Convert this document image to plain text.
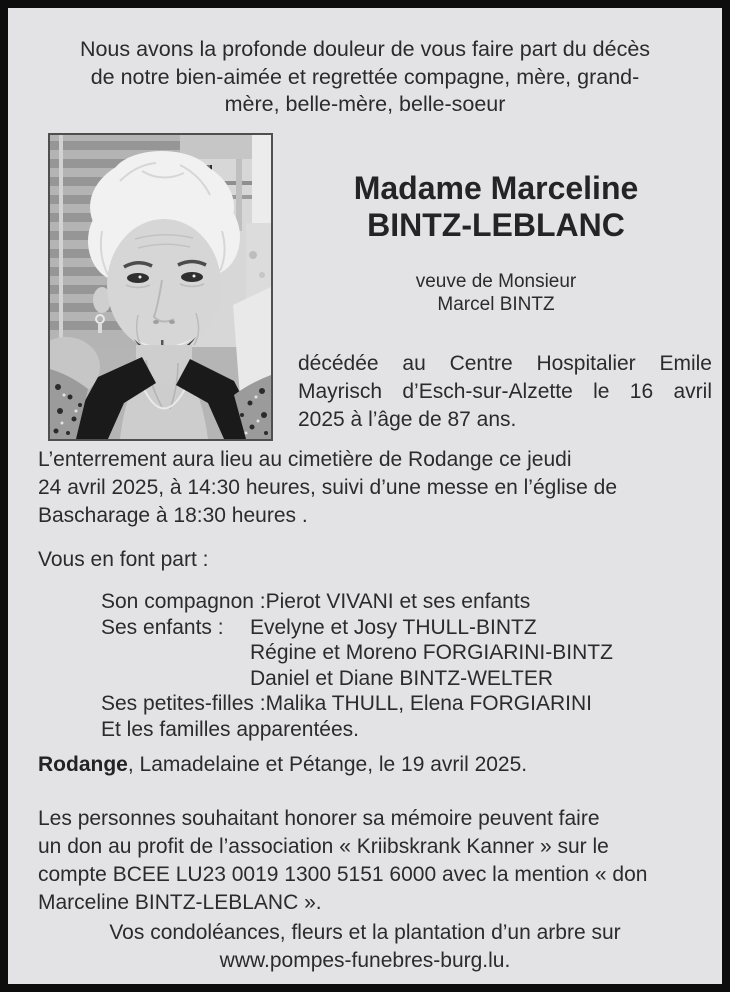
Nous avons la profonde douleur de vous faire part du décès
de notre bien-aimée et regrettée compagne, mère, grand-
mère, belle-mère, belle-soeur
Madame Marceline
BINTZ-LEBLANC
veuve de Monsieur
Marcel BINTZ
décédée au Centre Hospitalier Emile
Mayrisch d’Esch-sur-Alzette le 16 avril
2025 à l’âge de 87 ans.
L’enterrement aura lieu au cimetière de Rodange ce jeudi
24 avril 2025, à 14:30 heures, suivi d’une messe en l’église de
Bascharage à 18:30 heures .
Vous en font part :
Son compagnon : Pierot VIVANI et ses enfants
Ses enfants :	Evelyne et Josy THULL-BINTZ
Régine et Moreno FORGIARINI-BINTZ
Daniel et Diane BINTZ-WELTER
Ses petites-filles : Malika THULL, Elena FORGIARINI
Et les familles apparentées.
Rodange, Lamadelaine et Pétange, le 19 avril 2025.
Les personnes souhaitant honorer sa mémoire peuvent faire
un don au profit de l’association « Kriibskrank Kanner » sur le
compte BCEE LU23 0019 1300 5151 6000 avec la mention « don
Marceline BINTZ-LEBLANC ».
Vos condoléances, fleurs et la plantation d’un arbre sur
www.pompes-funebres-burg.lu.
